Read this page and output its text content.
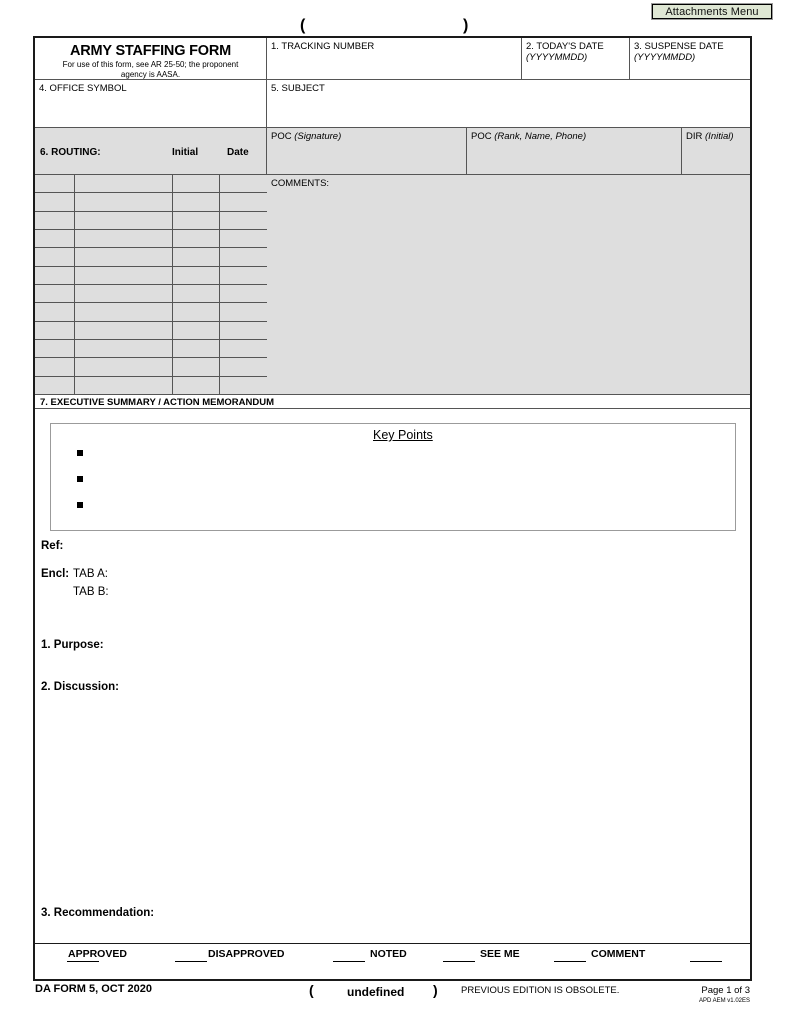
Attachments Menu
(	)
ARMY STAFFING FORM
For use of this form, see AR 25-50; the proponent agency is AASA.
1. TRACKING NUMBER	2. TODAY'S DATE
(YYYYMMDD)
3. SUSPENSE DATE
(YYYYMMDD)
4. OFFICE SYMBOL	5. SUBJECT
6. ROUTING:	Initial	Date
POC (Signature)	POC (Rank, Name, Phone)	DIR (Initial)
COMMENTS:
7. EXECUTIVE SUMMARY / ACTION MEMORANDUM
Key Points
Ref:
Encl: TAB A:
TAB B:
1. Purpose:
2. Discussion:
3. Recommendation:
APPROVED	DISAPPROVED	NOTED	SEE ME	COMMENT
DA FORM 5, OCT 2020	(	undefined ) PREVIOUS EDITION IS OBSOLETE.	Page 1 of 3
APD AEM v1.02ES
